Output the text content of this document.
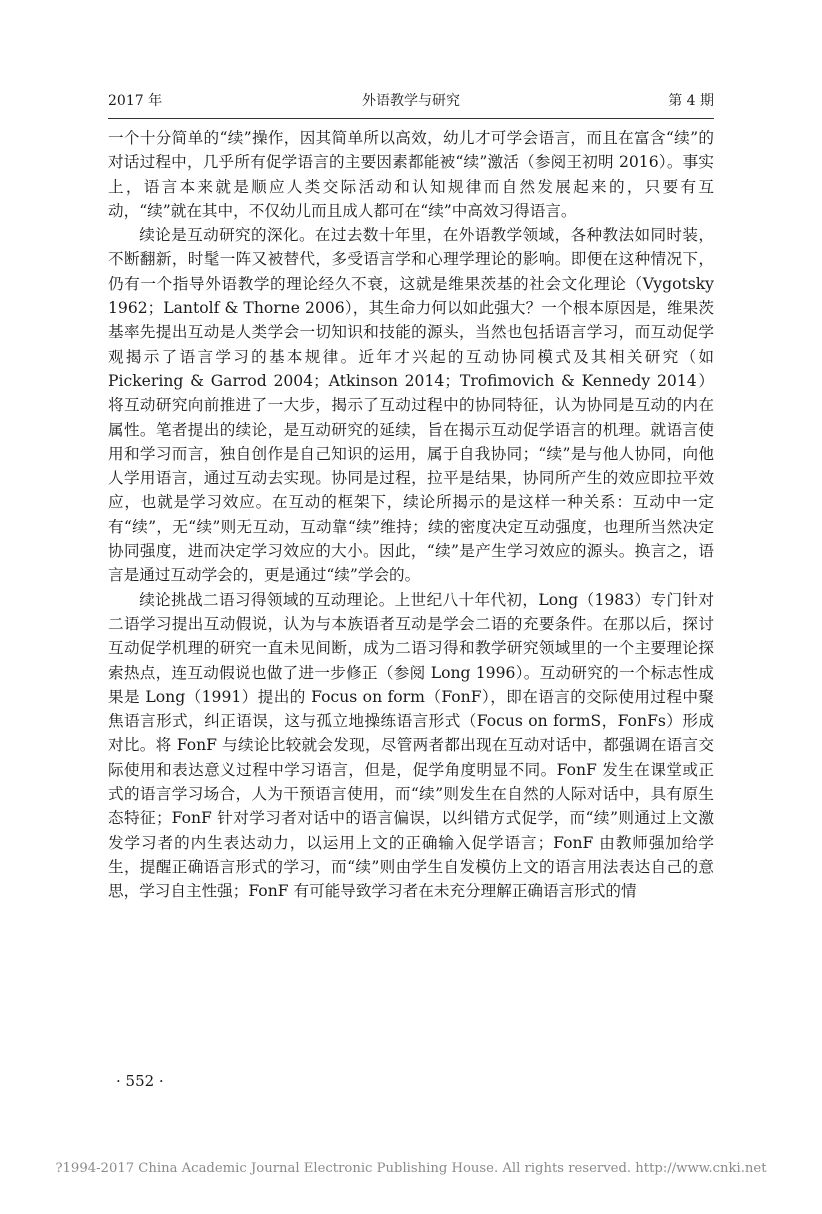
2017 年	外语教学与研究	第 4 期

一个十分简单的“续”操作，因其简单所以高效，幼儿才可学会语言，而且在富含“续”的对话过程中，几乎所有促学语言的主要因素都能被“续”激活（参阅王初明 2016）。事实上，语言本来就是顺应人类交际活动和认知规律而自然发展起来的，只要有互动，“续”就在其中，不仅幼儿而且成人都可在“续”中高效习得语言。

续论是互动研究的深化。在过去数十年里，在外语教学领域，各种教法如同时装，不断翻新，时髦一阵又被替代，多受语言学和心理学理论的影响。即便在这种情况下，仍有一个指导外语教学的理论经久不衰，这就是维果茨基的社会文化理论（Vygotsky 1962；Lantolf & Thorne 2006），其生命力何以如此强大？一个根本原因是，维果茨基率先提出互动是人类学会一切知识和技能的源头，当然也包括语言学习，而互动促学观揭示了语言学习的基本规律。近年才兴起的互动协同模式及其相关研究（如 Pickering & Garrod 2004；Atkinson 2014；Trofimovich & Kennedy 2014）将互动研究向前推进了一大步，揭示了互动过程中的协同特征，认为协同是互动的内在属性。笔者提出的续论，是互动研究的延续，旨在揭示互动促学语言的机理。就语言使用和学习而言，独自创作是自己知识的运用，属于自我协同；“续”是与他人协同，向他人学用语言，通过互动去实现。协同是过程，拉平是结果，协同所产生的效应即拉平效应，也就是学习效应。在互动的框架下，续论所揭示的是这样一种关系：互动中一定有“续”，无“续”则无互动，互动靠“续”维持；续的密度决定互动强度，也理所当然决定协同强度，进而决定学习效应的大小。因此，“续”是产生学习效应的源头。换言之，语言是通过互动学会的，更是通过“续”学会的。

续论挑战二语习得领域的互动理论。上世纪八十年代初，Long（1983）专门针对二语学习提出互动假说，认为与本族语者互动是学会二语的充要条件。在那以后，探讨互动促学机理的研究一直未见间断，成为二语习得和教学研究领域里的一个主要理论探索热点，连互动假说也做了进一步修正（参阅 Long 1996）。互动研究的一个标志性成果是 Long（1991）提出的 Focus on form（FonF），即在语言的交际使用过程中聚焦语言形式，纠正语误，这与孤立地操练语言形式（Focus on formS，FonFs）形成对比。将 FonF 与续论比较就会发现，尽管两者都出现在互动对话中，都强调在语言交际使用和表达意义过程中学习语言，但是，促学角度明显不同。FonF 发生在课堂或正式的语言学习场合，人为干预语言使用，而“续”则发生在自然的人际对话中，具有原生态特征；FonF 针对学习者对话中的语言偏误，以纠错方式促学，而“续”则通过上文激发学习者的内生表达动力，以运用上文的正确输入促学语言；FonF 由教师强加给学生，提醒正确语言形式的学习，而“续”则由学生自发模仿上文的语言用法表达自己的意思，学习自主性强；FonF 有可能导致学习者在未充分理解正确语言形式的情

· 552 ·
?1994-2017 China Academic Journal Electronic Publishing House. All rights reserved. http://www.cnki.net
